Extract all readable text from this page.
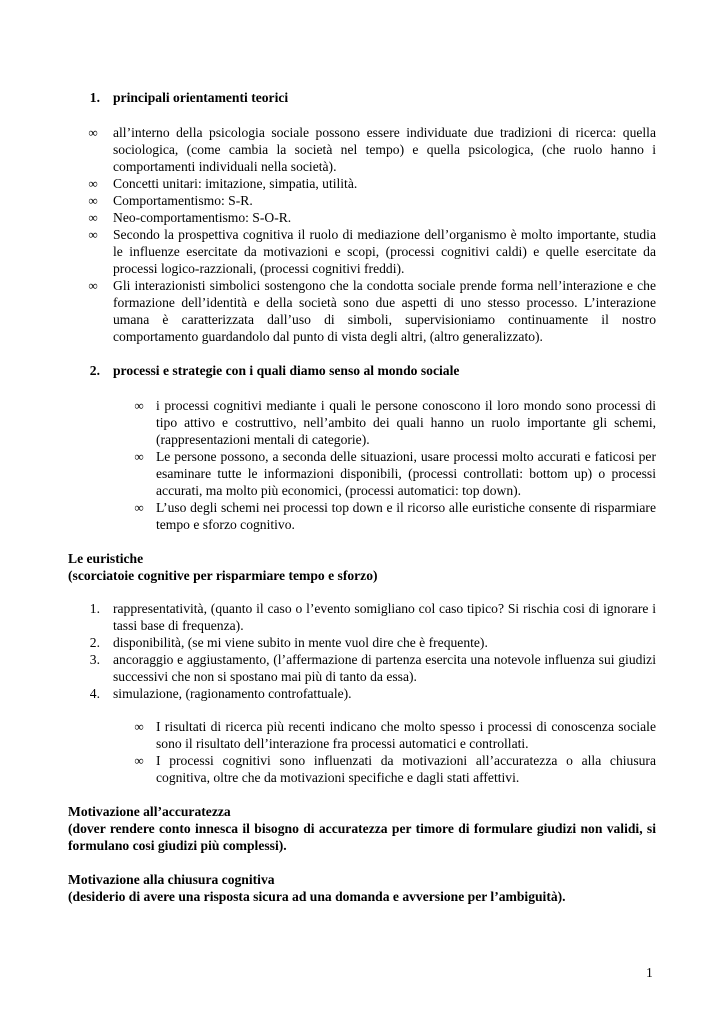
1. principali orientamenti teorici
∞ all’interno della psicologia sociale possono essere individuate due tradizioni di ricerca: quella sociologica, (come cambia la società nel tempo) e quella psicologica, (che ruolo hanno i comportamenti individuali nella società).
∞ Concetti unitari: imitazione, simpatia, utilità.
∞ Comportamentismo: S-R.
∞ Neo-comportamentismo: S-O-R.
∞ Secondo la prospettiva cognitiva il ruolo di mediazione dell’organismo è molto importante, studia le influenze esercitate da motivazioni e scopi, (processi cognitivi caldi) e quelle esercitate da processi logico-razzionali, (processi cognitivi freddi).
∞ Gli interazionisti simbolici sostengono che la condotta sociale prende forma nell’interazione e che formazione dell’identità e della società sono due aspetti di uno stesso processo. L’interazione umana è caratterizzata dall’uso di simboli, supervisioniamo continuamente il nostro comportamento guardandolo dal punto di vista degli altri, (altro generalizzato).
2. processi e strategie con i quali diamo senso al mondo sociale
∞ i processi cognitivi mediante i quali le persone conoscono il loro mondo sono processi di tipo attivo e costruttivo, nell’ambito dei quali hanno un ruolo importante gli schemi, (rappresentazioni mentali di categorie).
∞ Le persone possono, a seconda delle situazioni, usare processi molto accurati e faticosi per esaminare tutte le informazioni disponibili, (processi controllati: bottom up) o processi accurati, ma molto più economici, (processi automatici: top down).
∞ L’uso degli schemi nei processi top down e il ricorso alle euristiche consente di risparmiare tempo e sforzo cognitivo.
Le euristiche
(scorciatoie cognitive per risparmiare tempo e sforzo)
1. rappresentatività, (quanto il caso o l’evento somigliano col caso tipico? Si rischia cosi di ignorare i tassi base di frequenza).
2. disponibilità, (se mi viene subito in mente vuol dire che è frequente).
3. ancoraggio e aggiustamento, (l’affermazione di partenza esercita una notevole influenza sui giudizi successivi che non si spostano mai più di tanto da essa).
4. simulazione, (ragionamento controfattuale).
∞ I risultati di ricerca più recenti indicano che molto spesso i processi di conoscenza sociale sono il risultato dell’interazione fra processi automatici e controllati.
∞ I processi cognitivi sono influenzati da motivazioni all’accuratezza o alla chiusura cognitiva, oltre che da motivazioni specifiche e dagli stati affettivi.
Motivazione all’accuratezza
(dover rendere conto innesca il bisogno di accuratezza per timore di formulare giudizi non validi, si formulano cosi giudizi più complessi).
Motivazione alla chiusura cognitiva
(desiderio di avere una risposta sicura ad una domanda e avversione per l’ambiguità).
1
